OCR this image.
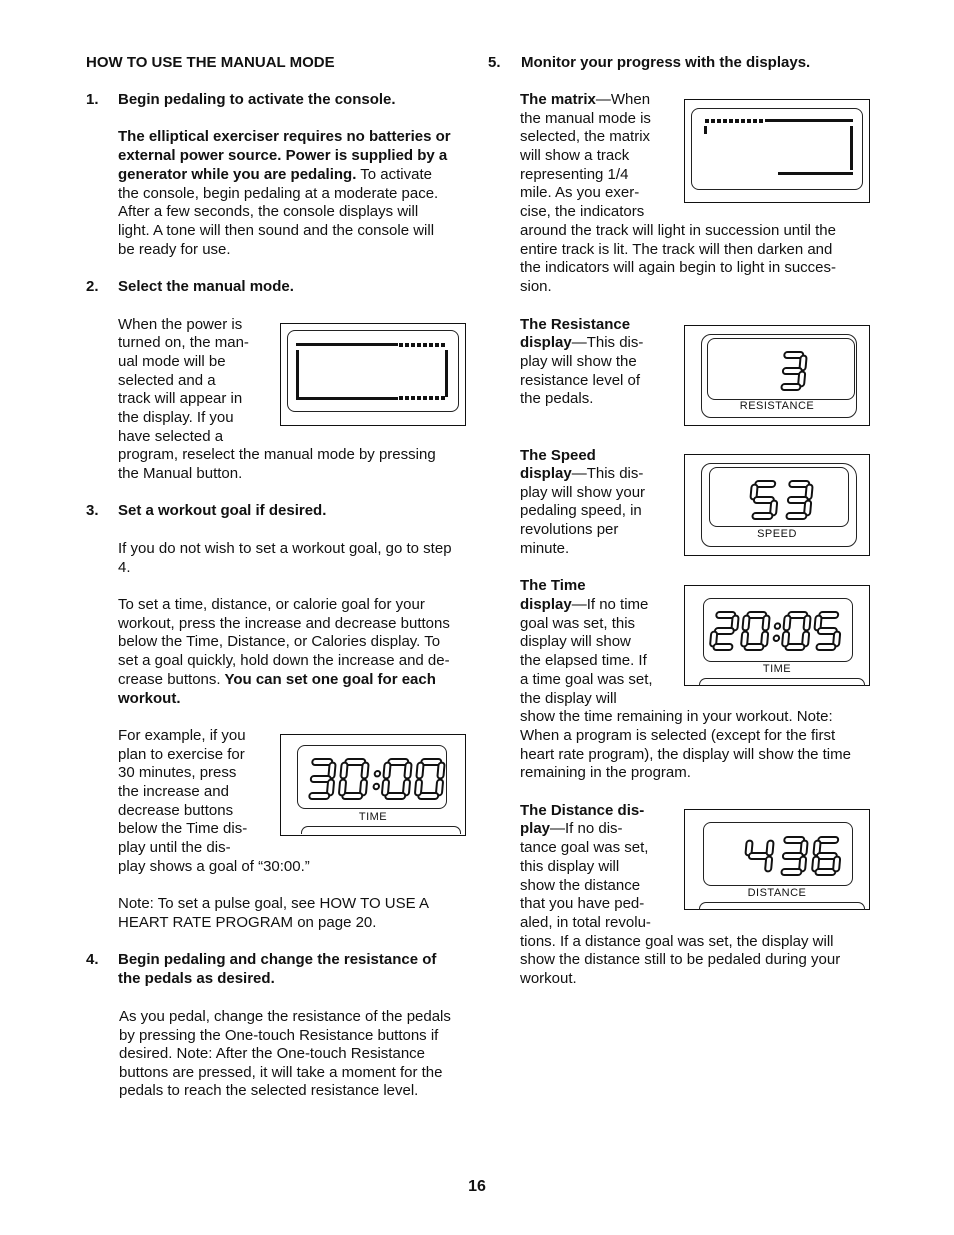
HOW TO USE THE MANUAL MODE

1. Begin pedaling to activate the console.

The elliptical exerciser requires no batteries or

external power source. Power is supplied by a

generator while you are pedaling. To activate

the console, begin pedaling at a moderate pace.

After a few seconds, the console displays will

light. A tone will then sound and the console will

be ready for use.

2. Select the manual mode.

When the power is

turned on, the man-

ual mode will be

selected and a

track will appear in

the display. If you

have selected a

program, reselect the manual mode by pressing

the Manual button.

3. Set a workout goal if desired.

If you do not wish to set a workout goal, go to step

4.

To set a time, distance, or calorie goal for your

workout, press the increase and decrease buttons

below the Time, Distance, or Calories display. To

set a goal quickly, hold down the increase and de-

crease buttons. You can set one goal for each

workout.

For example, if you

plan to exercise for

30 minutes, press

the increase and

decrease buttons

below the Time dis-

play until the dis-

play shows a goal of “30:00.”

Note: To set a pulse goal, see HOW TO USE A

HEART RATE PROGRAM on page 20.

TIME

4. Begin pedaling and change the resistance of

the pedals as desired.

As you pedal, change the resistance of the pedals

by pressing the One-touch Resistance buttons if

desired. Note: After the One-touch Resistance

buttons are pressed, it will take a moment for the

pedals to reach the selected resistance level.

5. Monitor your progress with the displays.

The matrix—When

the manual mode is

selected, the matrix

will show a track

representing 1/4

mile. As you exer-

cise, the indicators

around the track will light in succession until the

entire track is lit. The track will then darken and

the indicators will again begin to light in succes-

sion.

The Resistance

display—This dis-

play will show the

resistance level of

the pedals.	RESISTANCE

The Speed

display—This dis-

play will show your

pedaling speed, in

revolutions per

minute.

SPEED

The Time

display—If no time

goal was set, this

display will show

the elapsed time. If

a time goal was set,

the display will

show the time remaining in your workout. Note:

When a program is selected (except for the first

heart rate program), the display will show the time

remaining in the program.

TIME

The Distance dis-

play—If no dis-

tance goal was set,

this display will

show the distance

that you have ped-

aled, in total revolu-

tions. If a distance goal was set, the display will

show the distance still to be pedaled during your

workout.

DISTANCE
16
